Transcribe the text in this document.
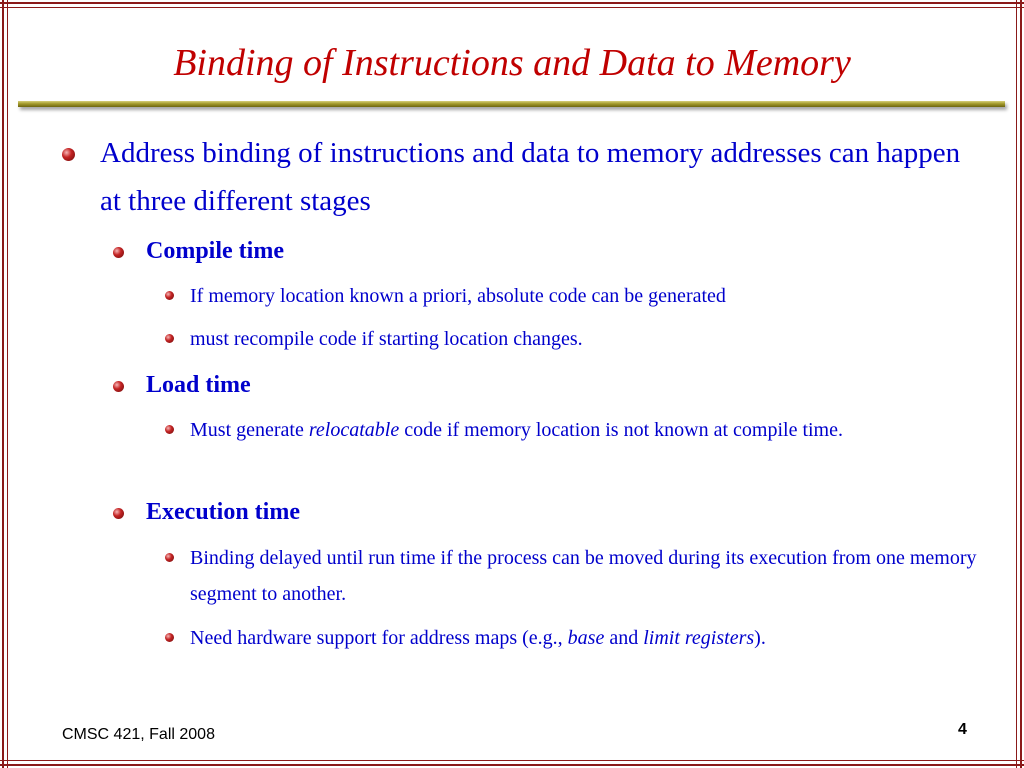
Binding of Instructions and Data to Memory
Address binding of instructions and data to memory addresses can happen at three different stages
Compile time
If memory location known a priori, absolute code can be generated
must recompile code if starting location changes.
Load time
Must generate relocatable code if memory location is not known at compile time.
Execution time
Binding delayed until run time if the process can be moved during its execution from one memory segment to another.
Need hardware support for address maps (e.g., base and limit registers).
CMSC 421, Fall 2008	4
